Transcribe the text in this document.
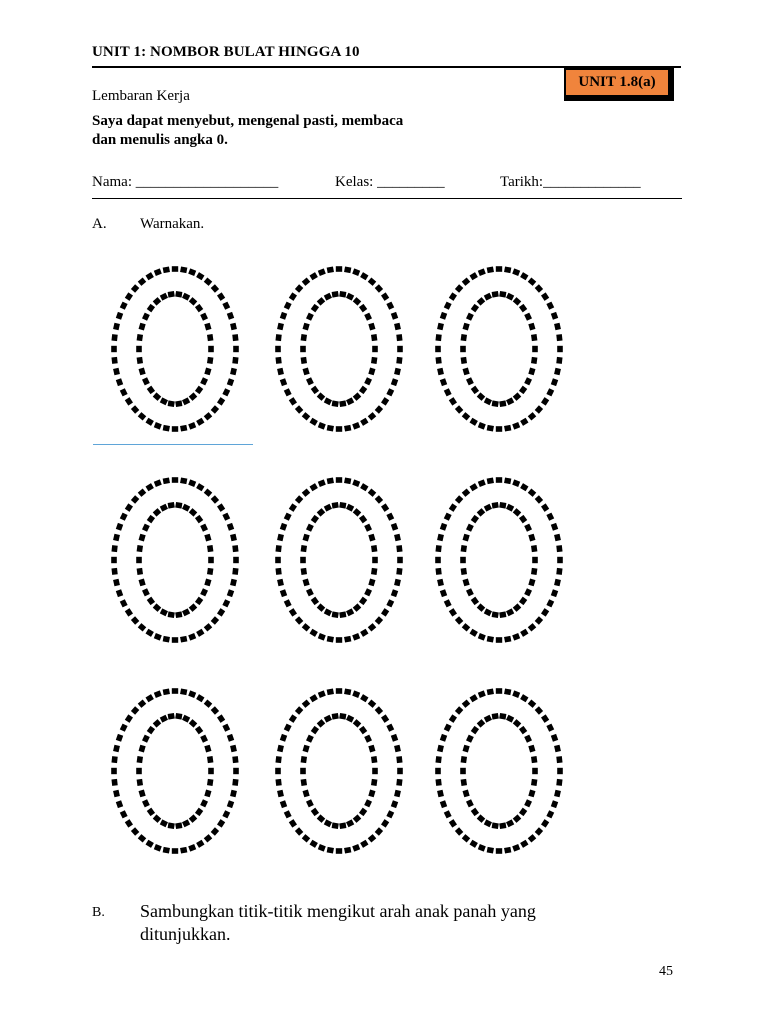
UNIT 1: NOMBOR BULAT HINGGA 10
UNIT 1.8(a)
Lembaran Kerja
Saya dapat menyebut, mengenal pasti, membaca
dan menulis angka 0.
Nama: ___________________	Kelas: _________	Tarikh:_____________
A. Warnakan.
B. Sambungkan titik-titik mengikut arah anak panah yang
ditunjukkan.
45
